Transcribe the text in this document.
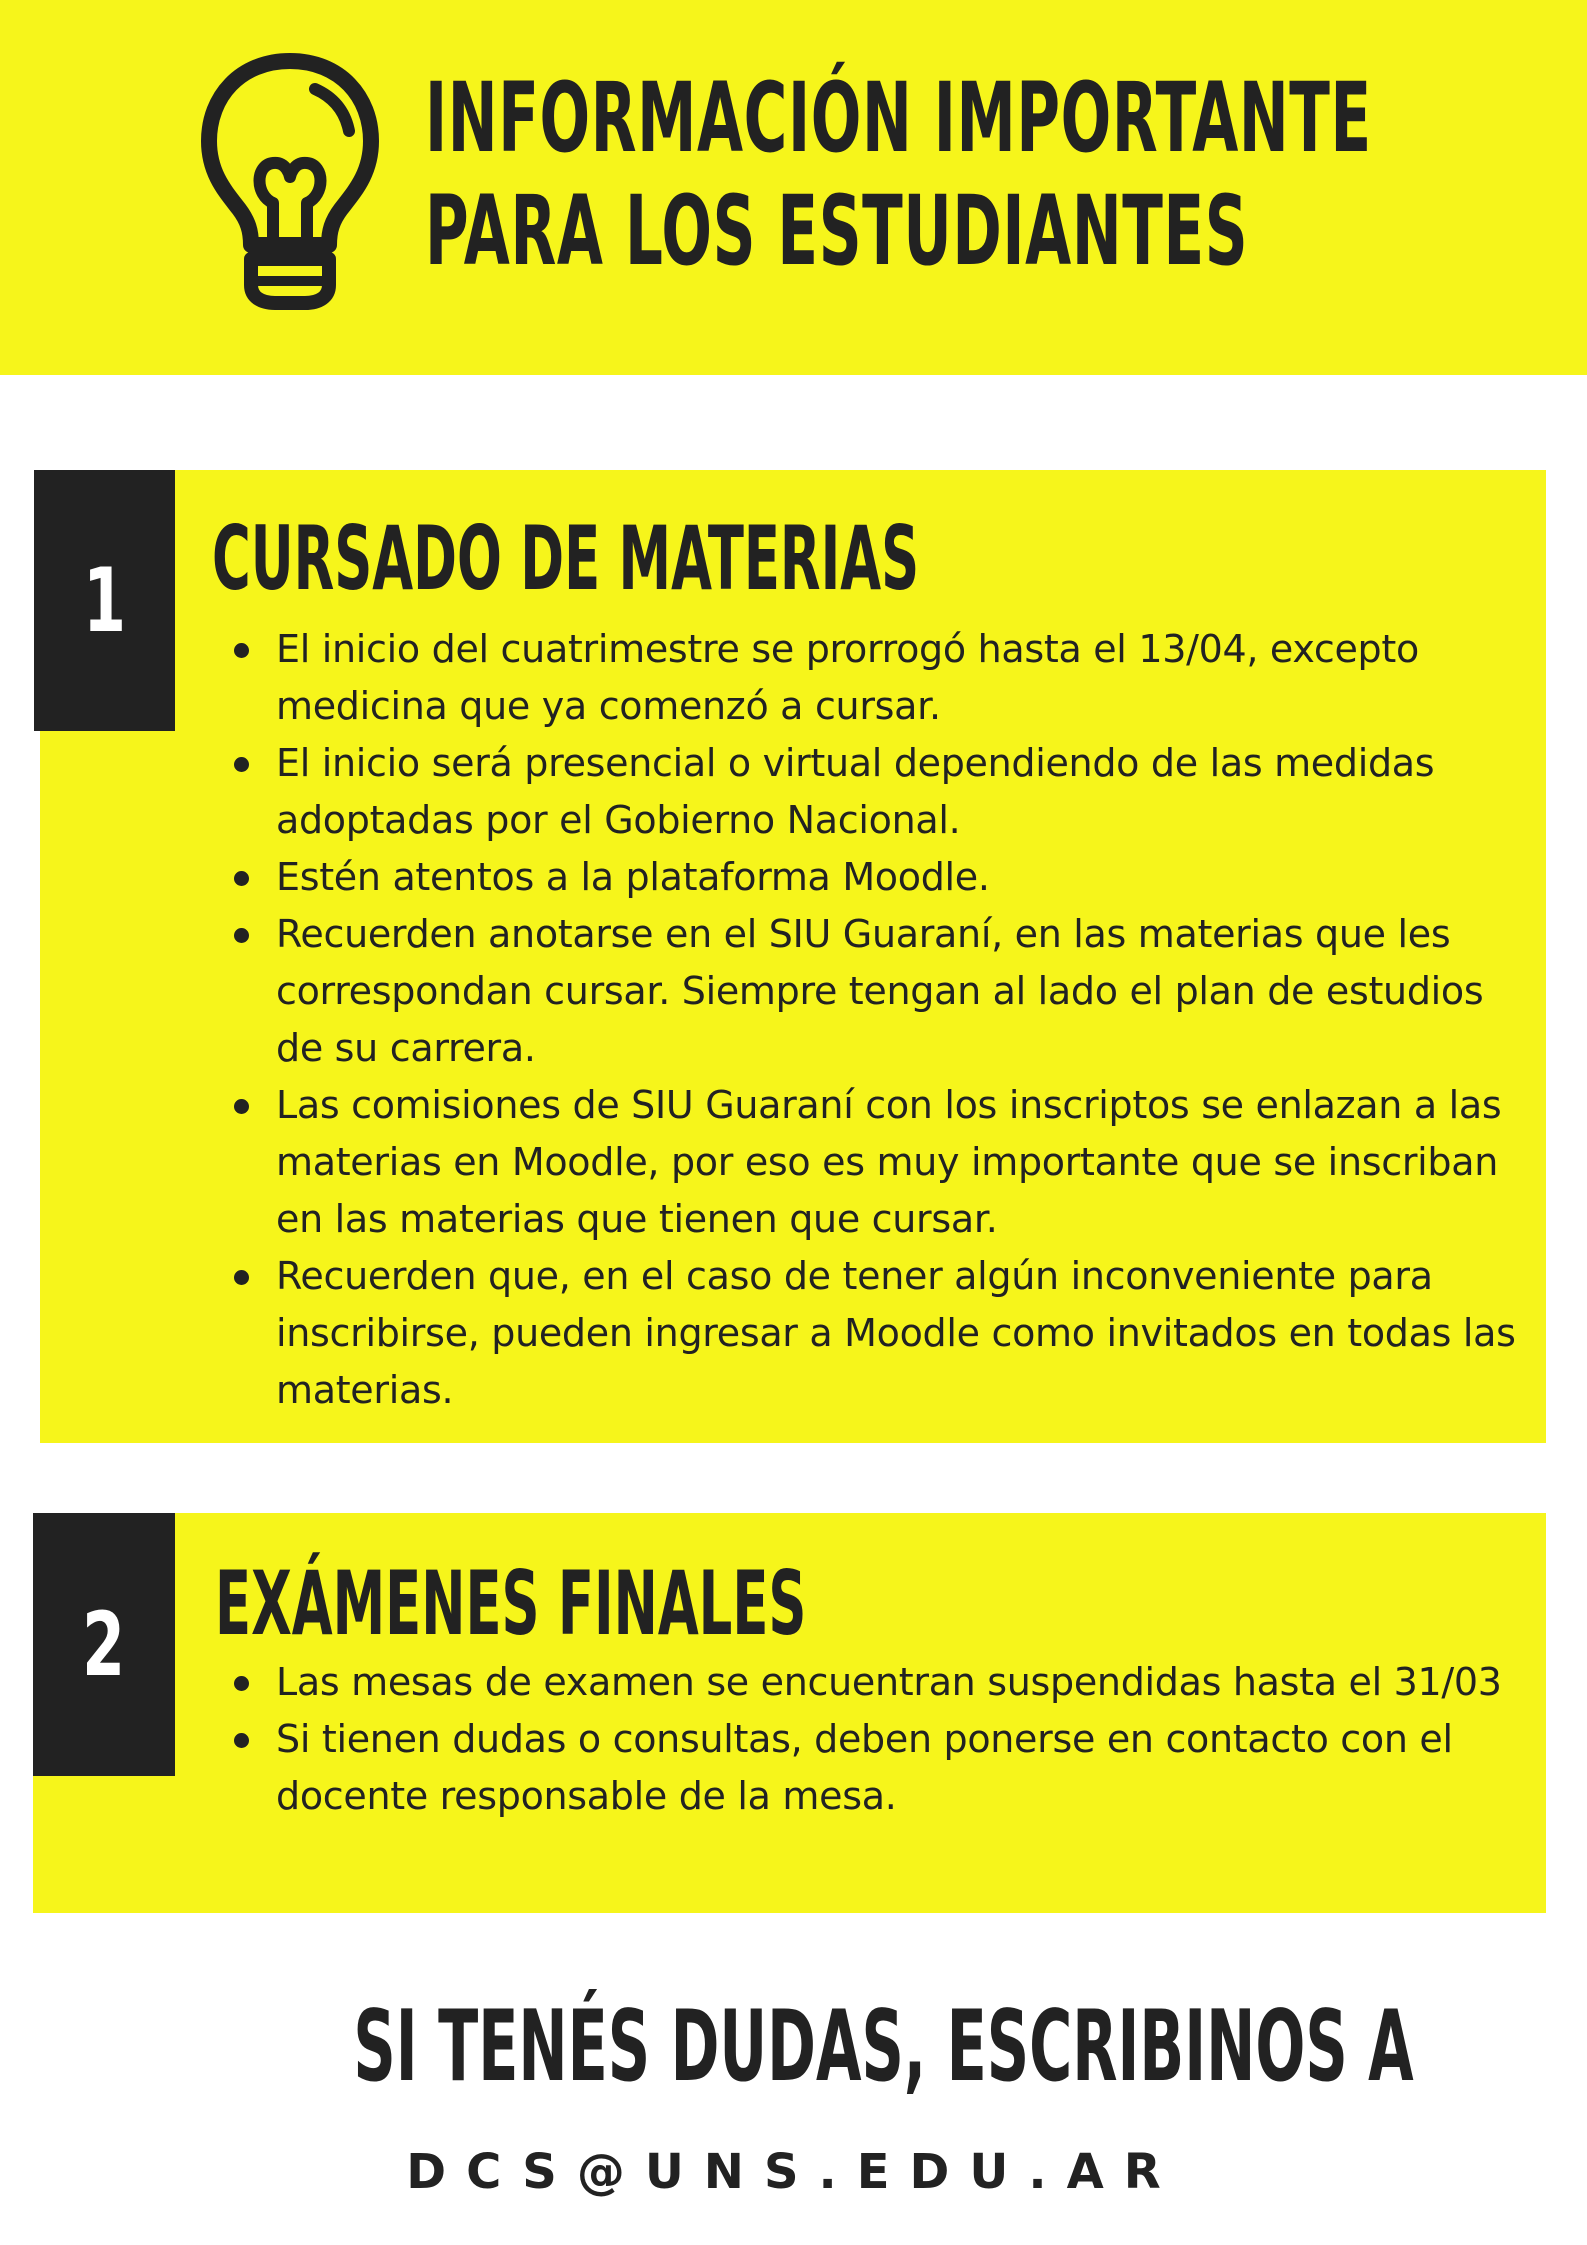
INFORMACIÓN IMPORTANTE
PARA LOS ESTUDIANTES
1 CURSADO DE MATERIAS
El inicio del cuatrimestre se prorrogó hasta el 13/04, excepto medicina que ya comenzó a cursar.
El inicio será presencial o virtual dependiendo de las medidas adoptadas por el Gobierno Nacional.
Estén atentos a la plataforma Moodle.
Recuerden anotarse en el SIU Guaraní, en las materias que les correspondan cursar. Siempre tengan al lado el plan de estudios de su carrera.
Las comisiones de SIU Guaraní con los inscriptos se enlazan a las materias en Moodle, por eso es muy importante que se inscriban en las materias que tienen que cursar.
Recuerden que, en el caso de tener algún inconveniente para inscribirse, pueden ingresar a Moodle como invitados en todas las materias.
2	EXÁMENES FINALES
Las mesas de examen se encuentran suspendidas hasta el 31/03
Si tienen dudas o consultas, deben ponerse en contacto con el docente responsable de la mesa.
SI TENÉS DUDAS, ESCRIBINOS A
DCS@UNS.EDU.AR
